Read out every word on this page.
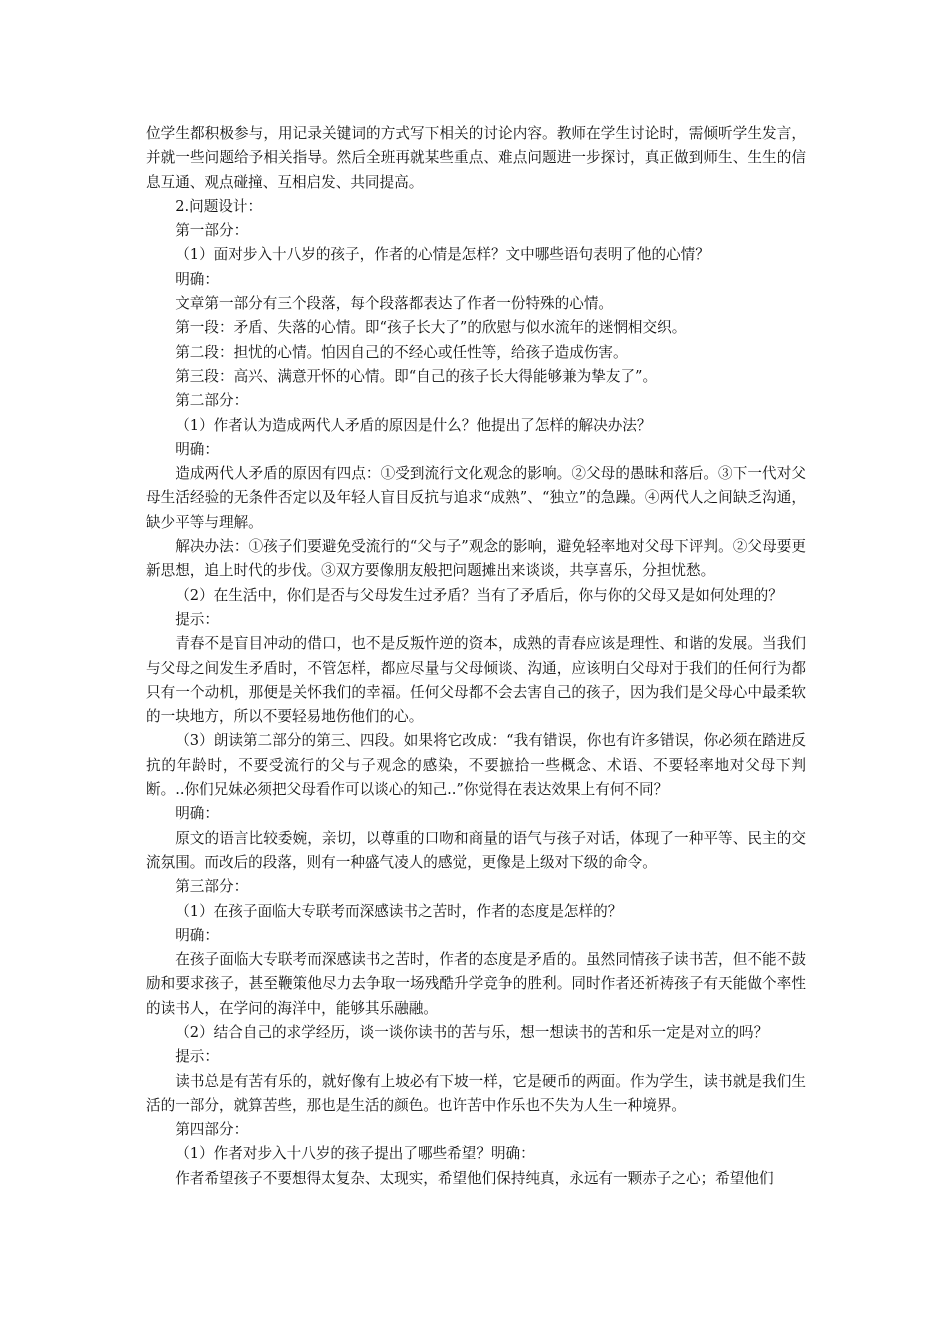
位学生都积极参与，用记录关键词的方式写下相关的讨论内容。教师在学生讨论时，需倾听学生发言，并就一些问题给予相关指导。然后全班再就某些重点、难点问题进一步探讨，真正做到师生、生生的信息互通、观点碰撞、互相启发、共同提高。

2.问题设计：

第一部分：

（1）面对步入十八岁的孩子，作者的心情是怎样？文中哪些语句表明了他的心情？

明确：

文章第一部分有三个段落，每个段落都表达了作者一份特殊的心情。

第一段：矛盾、失落的心情。即“孩子长大了”的欣慰与似水流年的迷惘相交织。

第二段：担忧的心情。怕因自己的不经心或任性等，给孩子造成伤害。

第三段：高兴、满意开怀的心情。即“自己的孩子长大得能够兼为挚友了”。

第二部分：

（1）作者认为造成两代人矛盾的原因是什么？他提出了怎样的解决办法？

明确：

造成两代人矛盾的原因有四点：①受到流行文化观念的影响。②父母的愚昧和落后。③下一代对父母生活经验的无条件否定以及年轻人盲目反抗与追求“成熟”、“独立”的急躁。④两代人之间缺乏沟通，缺少平等与理解。

解决办法：①孩子们要避免受流行的“父与子”观念的影响，避免轻率地对父母下评判。②父母要更新思想，追上时代的步伐。③双方要像朋友般把问题摊出来谈谈，共享喜乐，分担忧愁。

（2）在生活中，你们是否与父母发生过矛盾？当有了矛盾后，你与你的父母又是如何处理的？

提示：

青春不是盲目冲动的借口，也不是反叛忤逆的资本，成熟的青春应该是理性、和谐的发展。当我们与父母之间发生矛盾时，不管怎样，都应尽量与父母倾谈、沟通，应该明白父母对于我们的任何行为都只有一个动机，那便是关怀我们的幸福。任何父母都不会去害自己的孩子，因为我们是父母心中最柔软的一块地方，所以不要轻易地伤他们的心。

（3）朗读第二部分的第三、四段。如果将它改成：“我有错误，你也有许多错误，你必须在踏进反抗的年龄时，不要受流行的父与子观念的感染，不要摭拾一些概念、术语、不要轻率地对父母下判断。..你们兄妹必须把父母看作可以谈心的知己..”你觉得在表达效果上有何不同？

明确：

原文的语言比较委婉，亲切，以尊重的口吻和商量的语气与孩子对话，体现了一种平等、民主的交流氛围。而改后的段落，则有一种盛气凌人的感觉，更像是上级对下级的命令。

第三部分：

（1）在孩子面临大专联考而深感读书之苦时，作者的态度是怎样的？

明确：

在孩子面临大专联考而深感读书之苦时，作者的态度是矛盾的。虽然同情孩子读书苦，但不能不鼓励和要求孩子，甚至鞭策他尽力去争取一场残酷升学竞争的胜利。同时作者还祈祷孩子有天能做个率性的读书人，在学问的海洋中，能够其乐融融。

（2）结合自己的求学经历，谈一谈你读书的苦与乐，想一想读书的苦和乐一定是对立的吗？

提示：

读书总是有苦有乐的，就好像有上坡必有下坡一样，它是硬币的两面。作为学生，读书就是我们生活的一部分，就算苦些，那也是生活的颜色。也许苦中作乐也不失为人生一种境界。

第四部分：

（1）作者对步入十八岁的孩子提出了哪些希望？明确：

作者希望孩子不要想得太复杂、太现实，希望他们保持纯真，永远有一颗赤子之心；希望他们
